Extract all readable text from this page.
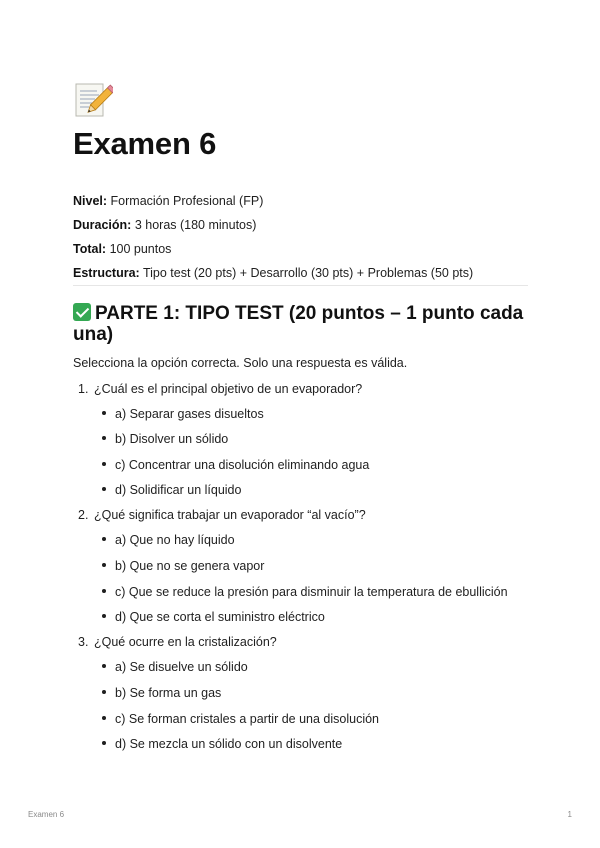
Examen 6
Nivel: Formación Profesional (FP)
Duración: 3 horas (180 minutos)
Total: 100 puntos
Estructura: Tipo test (20 pts) + Desarrollo (30 pts) + Problemas (50 pts)
PARTE 1: TIPO TEST (20 puntos – 1 punto cada una)
Selecciona la opción correcta. Solo una respuesta es válida.
1. ¿Cuál es el principal objetivo de un evaporador?
a) Separar gases disueltos
b) Disolver un sólido
c) Concentrar una disolución eliminando agua
d) Solidificar un líquido
2. ¿Qué significa trabajar un evaporador “al vacío”?
a) Que no hay líquido
b) Que no se genera vapor
c) Que se reduce la presión para disminuir la temperatura de ebullición
d) Que se corta el suministro eléctrico
3. ¿Qué ocurre en la cristalización?
a) Se disuelve un sólido
b) Se forma un gas
c) Se forman cristales a partir de una disolución
d) Se mezcla un sólido con un disolvente
Examen 6	1
